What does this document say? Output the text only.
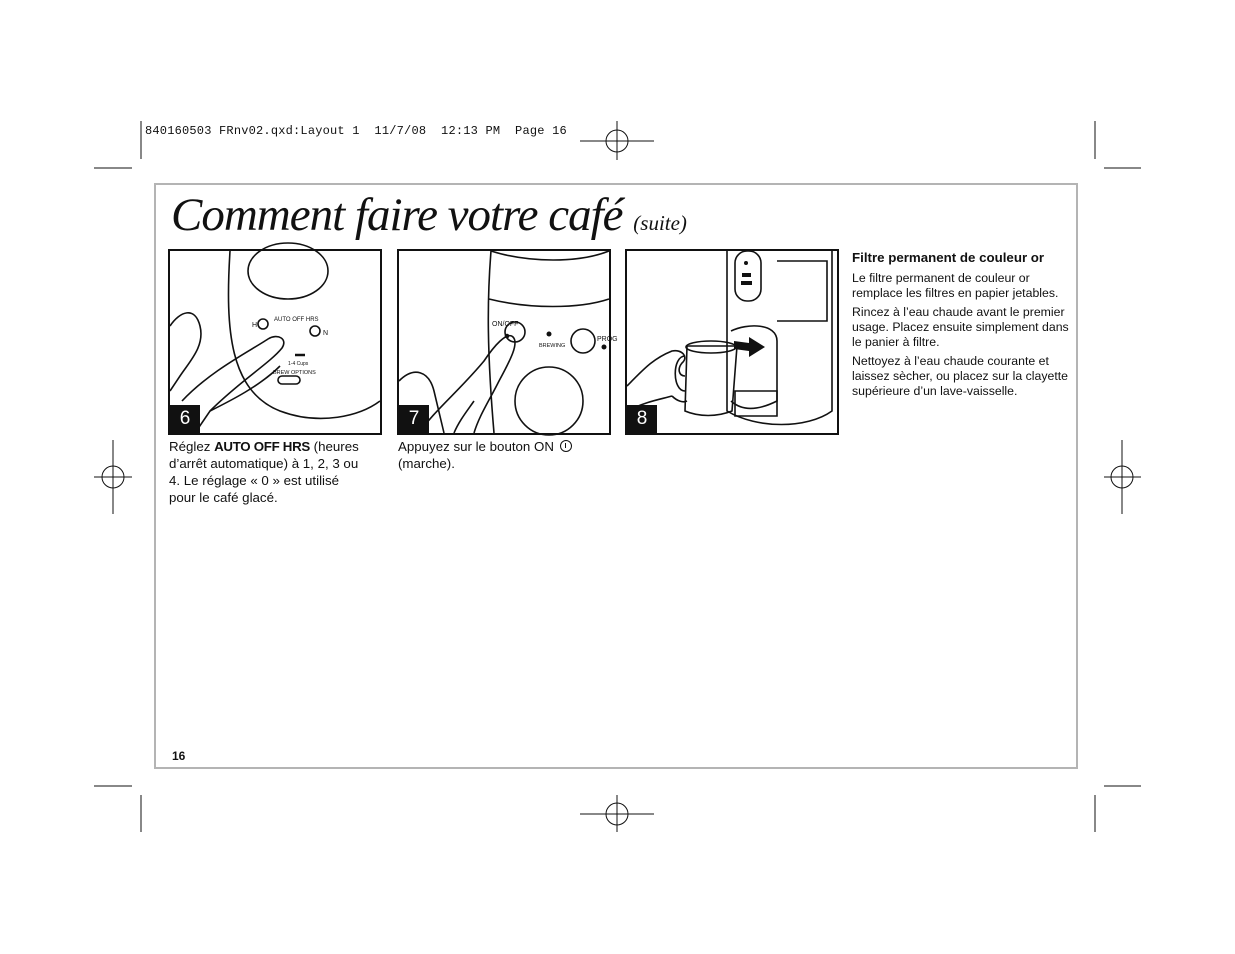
840160503 FRnv02.qxd:Layout 1  11/7/08  12:13 PM  Page 16
Comment faire votre café (suite)
H
AUTO OFF HRS
N
1-4 Cups
BREW OPTIONS
6
Réglez AUTO OFF HRS (heures d’arrêt automatique) à 1, 2, 3 ou 4. Le réglage « 0 » est utilisé pour le café glacé.
ON/OFF
BREWING
PROG
7
Appuyez sur le bouton ON
(marche).
8
Filtre permanent de couleur or

Le filtre permanent de couleur or remplace les filtres en papier jetables.

Rincez à l’eau chaude avant le premier usage. Placez ensuite simplement dans le panier à filtre.

Nettoyez à l’eau chaude courante et laissez sècher, ou placez sur la clayette supérieure d’un lave-vaisselle.

16
